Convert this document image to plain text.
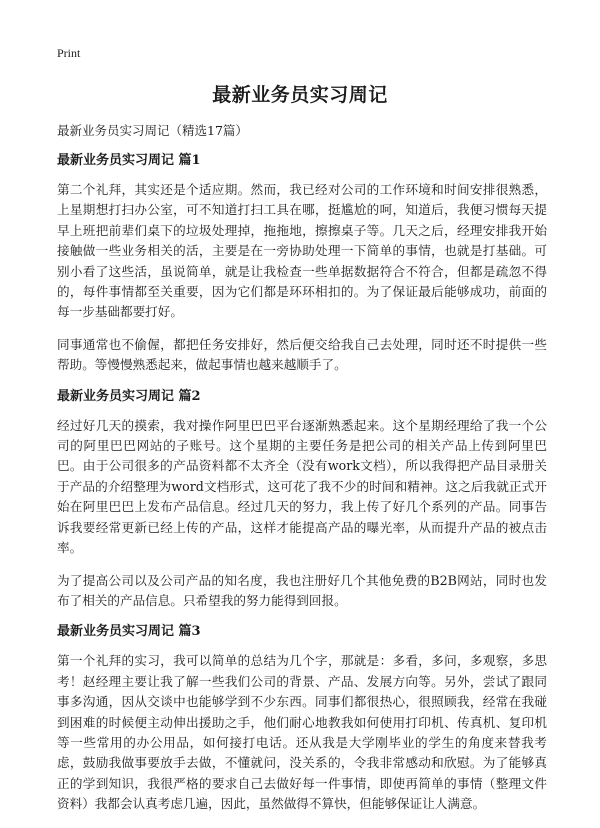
Print
最新业务员实习周记

最新业务员实习周记（精选17篇）

最新业务员实习周记 篇1

第二个礼拜，其实还是个适应期。然而，我已经对公司的工作环境和时间安排很熟悉，上星期想打扫办公室，可不知道打扫工具在哪，挺尴尬的呵，知道后，我便习惯每天提早上班把前辈们桌下的垃圾处理掉，拖拖地，擦擦桌子等。几天之后，经理安排我开始接触做一些业务相关的活，主要是在一旁协助处理一下简单的事情，也就是打基础。可别小看了这些活，虽说简单，就是让我检查一些单据数据符合不符合，但都是疏忽不得的，每件事情都至关重要，因为它们都是环环相扣的。为了保证最后能够成功，前面的每一步基础都要打好。

同事通常也不偷偓，都把任务安排好，然后便交给我自己去处理，同时还不时提供一些帮助。等慢慢熟悉起来，做起事情也越来越顺手了。

最新业务员实习周记 篇2

经过好几天的摸索，我对操作阿里巴巴平台逐渐熟悉起来。这个星期经理给了我一个公司的阿里巴巴网站的子账号。这个星期的主要任务是把公司的相关产品上传到阿里巴巴。由于公司很多的产品资料都不太齐全（没有work文档），所以我得把产品目录册关于产品的介绍整理为word文档形式，这可花了我不少的时间和精神。这之后我就正式开始在阿里巴巴上发布产品信息。经过几天的努力，我上传了好几个系列的产品。同事告诉我要经常更新已经上传的产品，这样才能提高产品的曝光率，从而提升产品的被点击率。

为了提高公司以及公司产品的知名度，我也注册好几个其他免费的B2B网站，同时也发布了相关的产品信息。只希望我的努力能得到回报。

最新业务员实习周记 篇3

第一个礼拜的实习，我可以简单的总结为几个字，那就是：多看，多问，多观察，多思考！赵经理主要让我了解一些我们公司的背景、产品、发展方向等。另外，尝试了跟同事多沟通，因从交谈中也能够学到不少东西。同事们都很热心，很照顾我，经常在我碰到困难的时候便主动伸出援助之手，他们耐心地教我如何使用打印机、传真机、复印机等一些常用的办公用品，如何接打电话。还从我是大学刚毕业的学生的角度来替我考虑，鼓励我做事要放手去做，不懂就问，没关系的，令我非常感动和欣慰。为了能够真正的学到知识，我很严格的要求自己去做好每一件事情，即使再简单的事情（整理文件资料）我都会认真考虑几遍，因此，虽然做得不算快，但能够保证让人满意。
